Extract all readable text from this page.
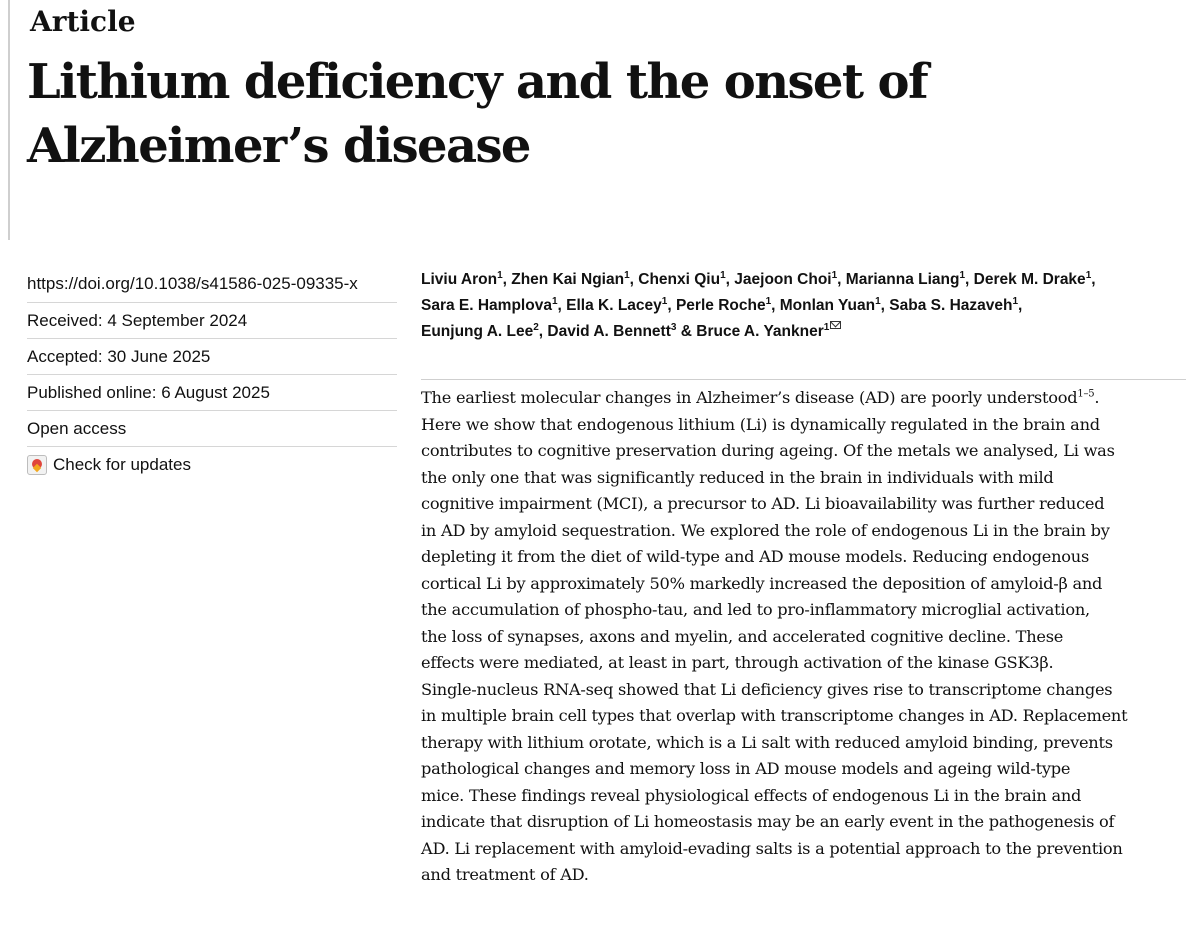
Article
Lithium deficiency and the onset of
Alzheimer’s disease
https://doi.org/10.1038/s41586-025-09335-x
Received: 4 September 2024
Accepted: 30 June 2025
Published online: 6 August 2025
Open access
Check for updates
Liviu Aron$^1$, Zhen Kai Ngian$^1$, Chenxi Qiu$^1$, Jaejoon Choi$^1$, Marianna Liang$^1$, Derek M. Drake$^1$,
Sara E. Hamplova$^1$, Ella K. Lacey$^1$, Perle Roche$^1$, Monlan Yuan$^1$, Saba S. Hazaveh$^1$,
Eunjung A. Lee$^2$, David A. Bennett$^3$ & Bruce A. Yankner$^1$

The earliest molecular changes in Alzheimer’s disease (AD) are poorly understood$^{1-5}$.
Here we show that endogenous lithium (Li) is dynamically regulated in the brain and
contributes to cognitive preservation during ageing. Of the metals we analysed, Li was
the only one that was significantly reduced in the brain in individuals with mild
cognitive impairment (MCI), a precursor to AD. Li bioavailability was further reduced
in AD by amyloid sequestration. We explored the role of endogenous Li in the brain by
depleting it from the diet of wild-type and AD mouse models. Reducing endogenous
cortical Li by approximately 50% markedly increased the deposition of amyloid-β and
the accumulation of phospho-tau, and led to pro-inflammatory microglial activation,
the loss of synapses, axons and myelin, and accelerated cognitive decline. These
effects were mediated, at least in part, through activation of the kinase GSK3β.
Single-nucleus RNA-seq showed that Li deficiency gives rise to transcriptome changes
in multiple brain cell types that overlap with transcriptome changes in AD. Replacement
therapy with lithium orotate, which is a Li salt with reduced amyloid binding, prevents
pathological changes and memory loss in AD mouse models and ageing wild-type
mice. These findings reveal physiological effects of endogenous Li in the brain and
indicate that disruption of Li homeostasis may be an early event in the pathogenesis of
AD. Li replacement with amyloid-evading salts is a potential approach to the prevention
and treatment of AD.
